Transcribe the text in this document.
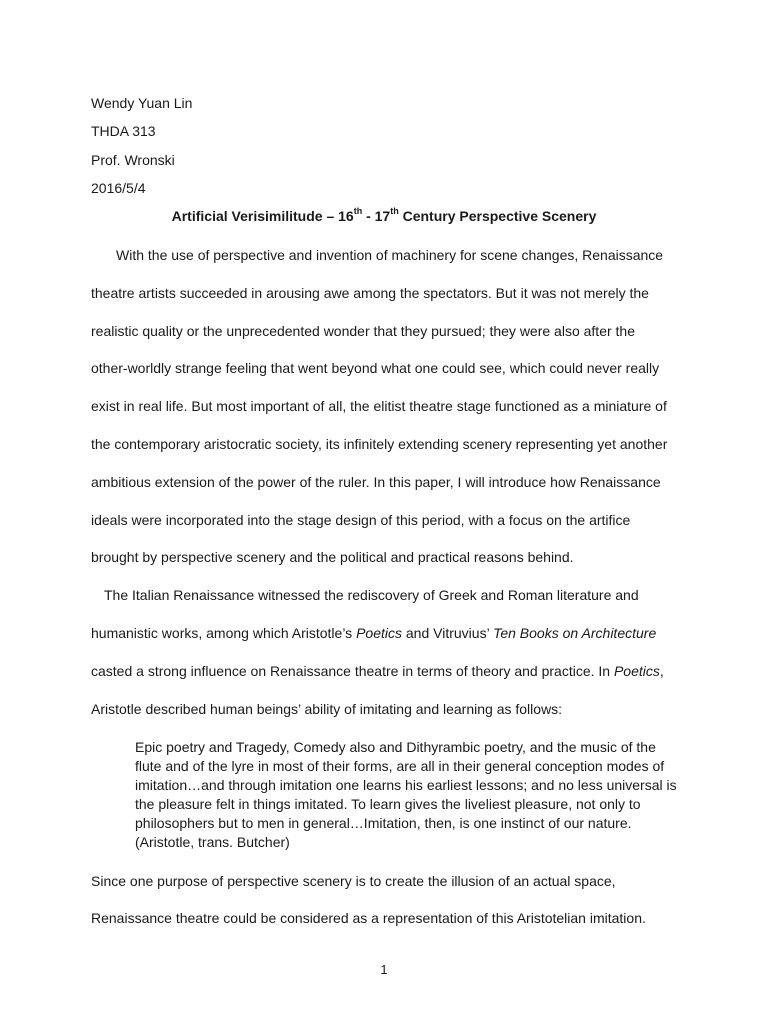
Wendy Yuan Lin
THDA 313
Prof. Wronski
2016/5/4
Artificial Verisimilitude – 16th - 17th Century Perspective Scenery
With the use of perspective and invention of machinery for scene changes, Renaissance
theatre artists succeeded in arousing awe among the spectators. But it was not merely the
realistic quality or the unprecedented wonder that they pursued; they were also after the
other-worldly strange feeling that went beyond what one could see, which could never really
exist in real life. But most important of all, the elitist theatre stage functioned as a miniature of
the contemporary aristocratic society, its infinitely extending scenery representing yet another
ambitious extension of the power of the ruler. In this paper, I will introduce how Renaissance
ideals were incorporated into the stage design of this period, with a focus on the artifice
brought by perspective scenery and the political and practical reasons behind.
The Italian Renaissance witnessed the rediscovery of Greek and Roman literature and
humanistic works, among which Aristotle’s Poetics and Vitruvius’ Ten Books on Architecture
casted a strong influence on Renaissance theatre in terms of theory and practice. In Poetics,
Aristotle described human beings’ ability of imitating and learning as follows:
Epic poetry and Tragedy, Comedy also and Dithyrambic poetry, and the music of the
flute and of the lyre in most of their forms, are all in their general conception modes of
imitation…and through imitation one learns his earliest lessons; and no less universal is
the pleasure felt in things imitated. To learn gives the liveliest pleasure, not only to
philosophers but to men in general…Imitation, then, is one instinct of our nature.
(Aristotle, trans. Butcher)
Since one purpose of perspective scenery is to create the illusion of an actual space,
Renaissance theatre could be considered as a representation of this Aristotelian imitation.
1
